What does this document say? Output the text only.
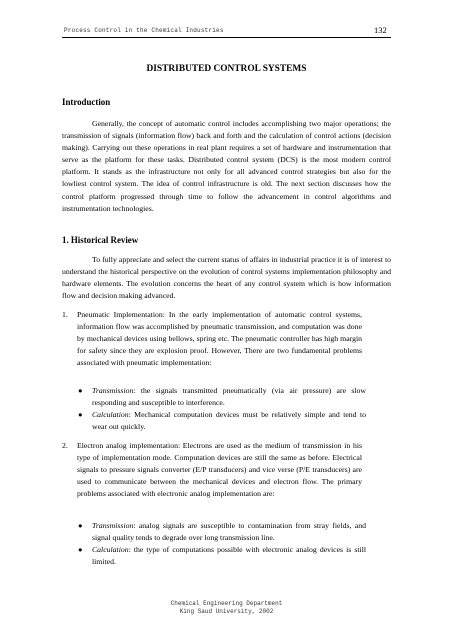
Process Control in the Chemical Industries	132
DISTRIBUTED CONTROL SYSTEMS
Introduction

Generally, the concept of automatic control includes accomplishing two major operations; the transmission of signals (information flow) back and forth and the calculation of control actions (decision making). Carrying out these operations in real plant requires a set of hardware and instrumentation that serve as the platform for these tasks. Distributed control system (DCS) is the most modern control platform. It stands as the infrastructure not only for all advanced control strategies but also for the lowliest control system. The idea of control infrastructure is old. The next section discusses how the control platform progressed through time to follow the advancement in control algorithms and instrumentation technologies.

1. Historical Review

To fully appreciate and select the current status of affairs in industrial practice it is of interest to understand the historical perspective on the evolution of control systems implementation philosophy and hardware elements. The evolution concerns the heart of any control system which is how information flow and decision making advanced.

1. Pneumatic Implementation: In the early implementation of automatic control systems, information flow was accomplished by pneumatic transmission, and computation was done by mechanical devices using bellows, spring etc. The pneumatic controller has high margin for safety since they are explosion proof. However, There are two fundamental problems associated with pneumatic implementation:
● Transmission: the signals transmitted pneumatically (via air pressure) are slow responding and susceptible to interference.
● Calculation: Mechanical computation devices must be relatively simple and tend to wear out quickly.
2. Electron analog implementation: Electrons are used as the medium of transmission in his type of implementation mode. Computation devices are still the same as before. Electrical signals to pressure signals converter (E/P transducers) and vice verse (P/E transducers) are used to communicate between the mechanical devices and electron flow. The primary problems associated with electronic analog implementation are:
● Transmission: analog signals are susceptible to contamination from stray fields, and signal quality tends to degrade over long transmission line.
● Calculation: the type of computations possible with electronic analog devices is still limited.
Chemical Engineering Department
King Saud University, 2002
